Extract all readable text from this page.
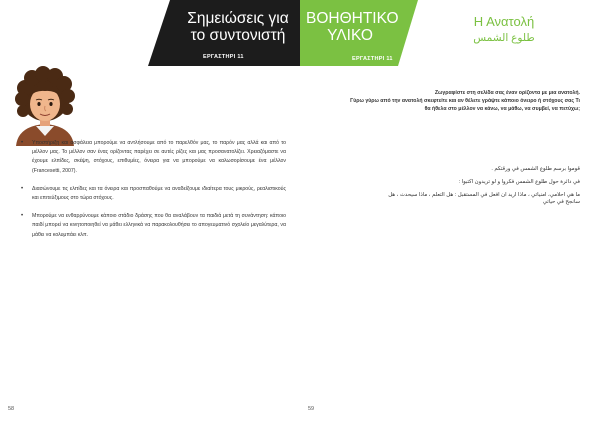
Σημειώσεις για
το συντονιστή
ΕΡΓΑΣΤΗΡΙ 11
ΒΟΗΘΗΤΙΚΟ
ΥΛΙΚΟ
ΕΡΓΑΣΤΗΡΙ 11
Η Ανατολή
طلوع الشمس
• Υποστήριξη και ασφάλεια μπορούμε να αντλήσουμε από το παρελθόν μας, το παρόν μας αλλά και από το μέλλον μας. Το μέλλον σαν ένας ορίζοντας παρέχει σε αυτές ρίζες και μας προσανατολίζει. Χρειαζόμαστε να έχουμε ελπίδες, σκέψη, στόχους, επιθυμίες, όνειρα για να μπορούμε να καλωσορίσουμε ένα μέλλον (Francesetti, 2007).
• Διασώνουμε τις ελπίδες και τα όνειρα και προσπαθούμε να αναδείξουμε ιδιαίτερα τους μικρούς, ρεαλιστικούς και επιτεύξιμους στο τώρα στόχους.
• Μπορούμε να ενθαρρύνουμε κάποιο στάδιο δράσης που θα αναλάβουν τα παιδιά μετά τη συνάντηση: κάποιο παιδί μπορεί να κινητοποιηθεί να μάθει ελληνικά να παρακολουθήσει το απογευματινό σχολείο μεγαλύτερα, να μάθει να κολυμπάει κλπ.
Ζωγραφίστε στη σελίδα σας έναν ορίζοντα με μια ανατολή.
Γύρω γύρω από την ανατολή σκεφτείτε και αν θέλετε γράψτε κάποιο όνειρο ή στόχους σας Τι
θα ήθελα στο μέλλον να κάνω, να μάθω, να συμβεί, να πετύχω;
قوموا برسم طلوع الشمس في ورقتكم .
في دائرة حول طلوع الشمس فكروا و لو تريدون اكتبوا :
ما هي احلامي، امنياتي ، ماذا اريد ان افعل في المستقبل : هل التعلم ، ماذا سيحدث ، هل
سانجح في حياتي
58	59
